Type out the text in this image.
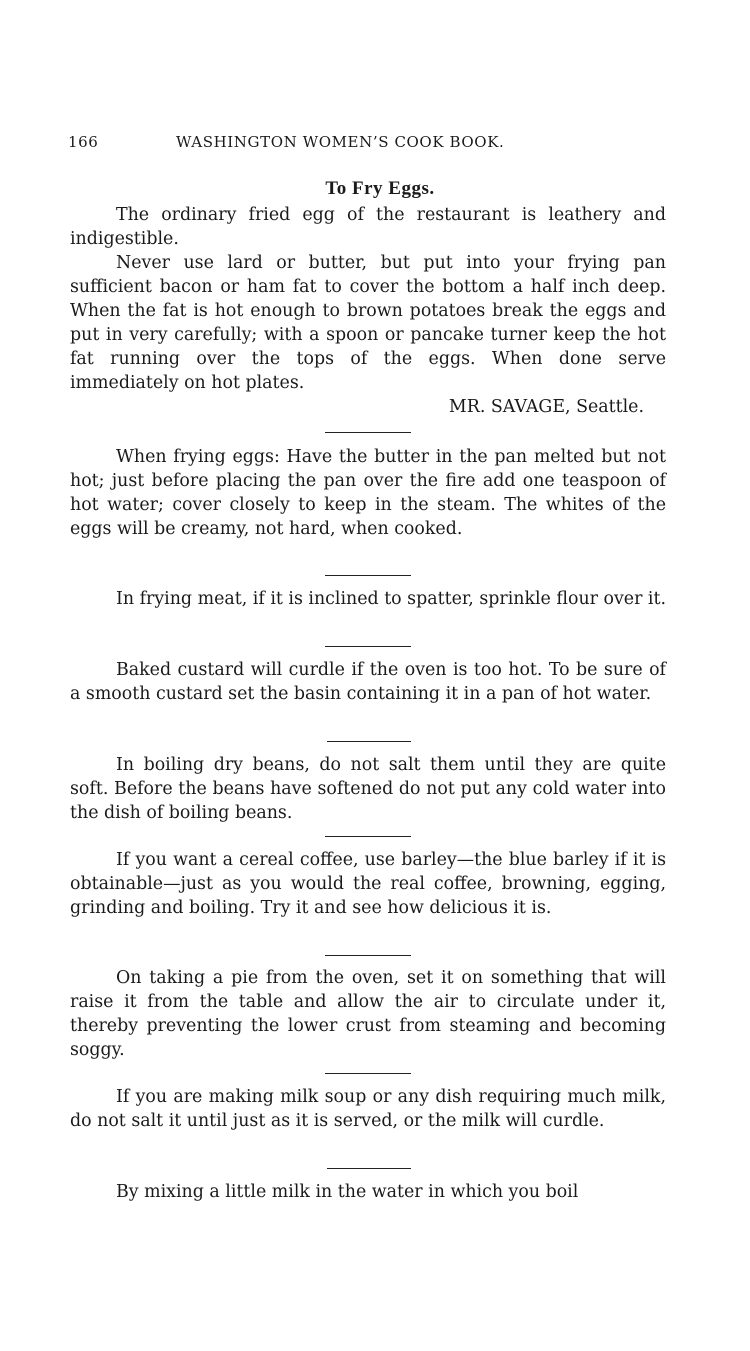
166	WASHINGTON WOMEN’S COOK BOOK.
To Fry Eggs.

The ordinary fried egg of the restaurant is leathery and indigestible.

Never use lard or butter, but put into your frying pan sufficient bacon or ham fat to cover the bottom a half inch deep. When the fat is hot enough to brown potatoes break the eggs and put in very carefully; with a spoon or pancake turner keep the hot fat running over the tops of the eggs. When done serve immediately on hot plates.

MR. SAVAGE, Seattle.

When frying eggs: Have the butter in the pan melted but not hot; just before placing the pan over the fire add one teaspoon of hot water; cover closely to keep in the steam. The whites of the eggs will be creamy, not hard, when cooked.

In frying meat, if it is inclined to spatter, sprinkle flour over it.

Baked custard will curdle if the oven is too hot. To be sure of a smooth custard set the basin containing it in a pan of hot water.

In boiling dry beans, do not salt them until they are quite soft. Before the beans have softened do not put any cold water into the dish of boiling beans.

If you want a cereal coffee, use barley—the blue barley if it is obtainable—just as you would the real coffee, browning, egging, grinding and boiling. Try it and see how delicious it is.

On taking a pie from the oven, set it on something that will raise it from the table and allow the air to circulate under it, thereby preventing the lower crust from steaming and becoming soggy.

If you are making milk soup or any dish requiring much milk, do not salt it until just as it is served, or the milk will curdle.

By mixing a little milk in the water in which you boil
